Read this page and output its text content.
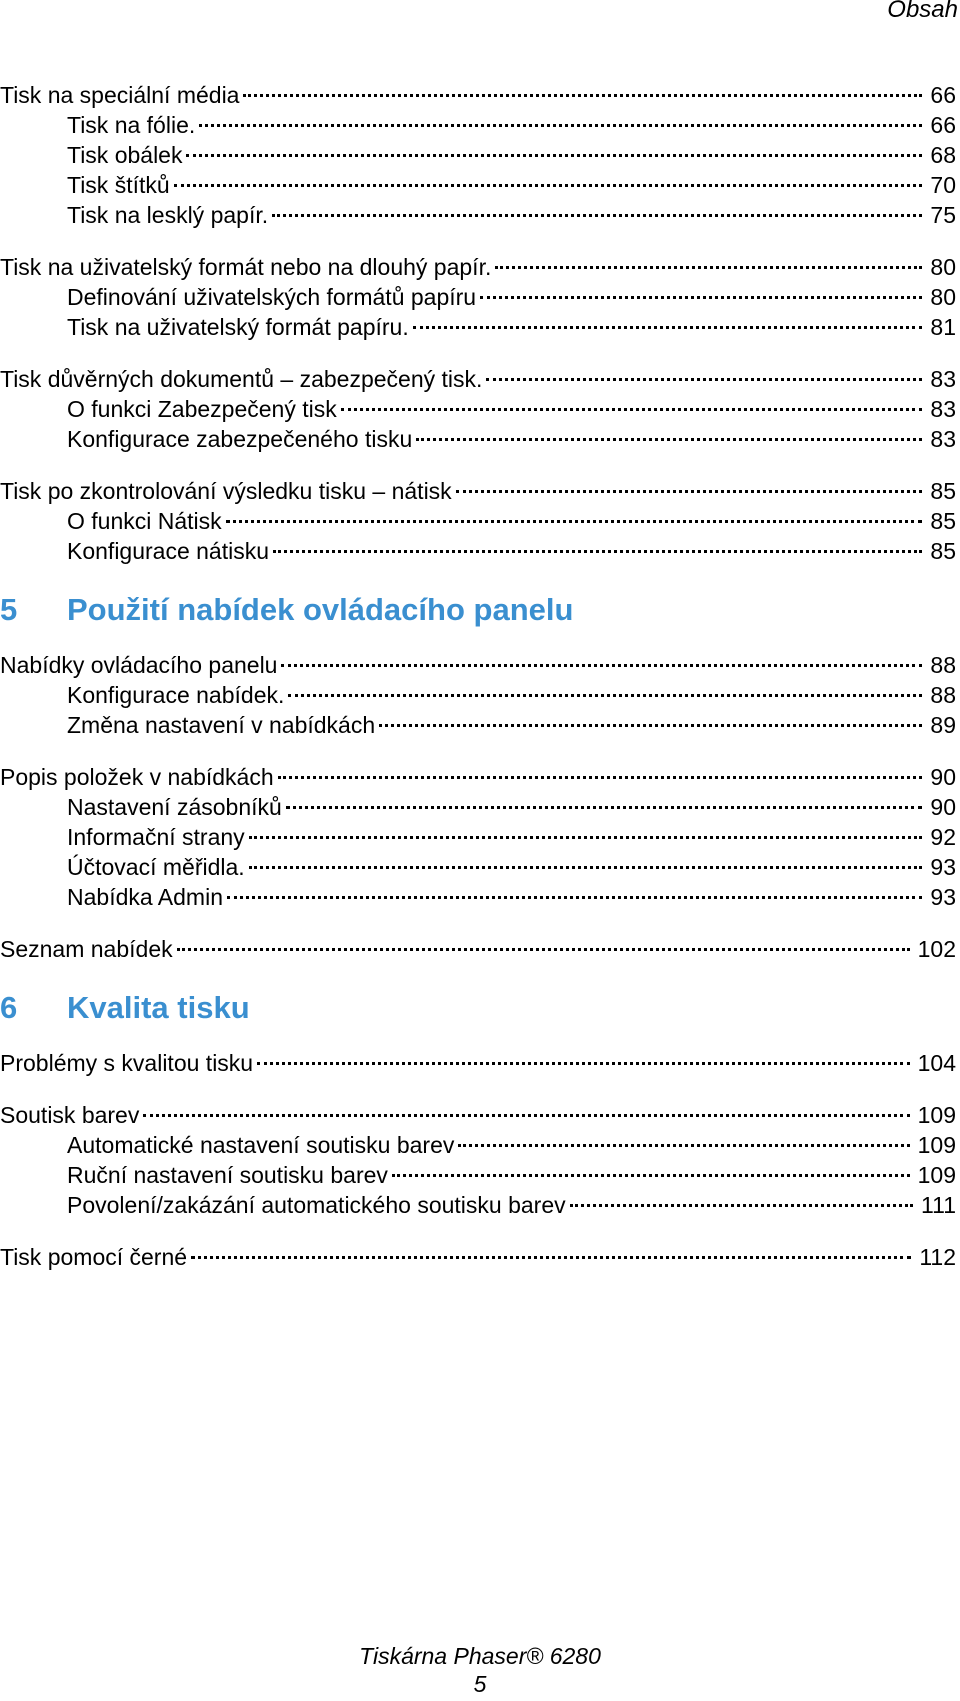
Obsah
Tisk na speciální média	66
Tisk na fólie.	66
Tisk obálek	68
Tisk štítků	70
Tisk na lesklý papír.	75
Tisk na uživatelský formát nebo na dlouhý papír.	80
Definování uživatelských formátů papíru	80
Tisk na uživatelský formát papíru.	81
Tisk důvěrných dokumentů – zabezpečený tisk.	83
O funkci Zabezpečený tisk	83
Konfigurace zabezpečeného tisku	83
Tisk po zkontrolování výsledku tisku – nátisk	85
O funkci Nátisk	85
Konfigurace nátisku	85
5	Použití nabídek ovládacího panelu
Nabídky ovládacího panelu	88
Konfigurace nabídek.	88
Změna nastavení v nabídkách	89
Popis položek v nabídkách	90
Nastavení zásobníků	90
Informační strany	92
Účtovací měřidla.	93
Nabídka Admin	93
Seznam nabídek	102
6	Kvalita tisku
Problémy s kvalitou tisku	104
Soutisk barev	109
Automatické nastavení soutisku barev	109
Ruční nastavení soutisku barev	109
Povolení/zakázání automatického soutisku barev	111
Tisk pomocí černé	112
Tiskárna Phaser® 6280
5
